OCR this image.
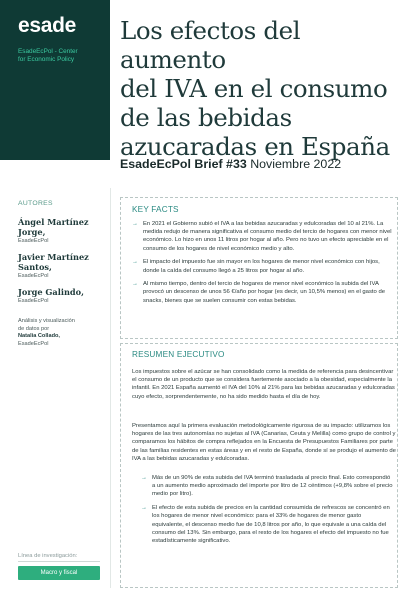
esade
EsadeEcPol - Center
for Economic Policy
Los efectos del aumento
del IVA en el consumo
de las bebidas
azucaradas en España
EsadeEcPol Brief #33 Noviembre 2022
AUTORES
Ángel Martínez
Jorge,
EsadeEcPol
Javier Martínez
Santos,
EsadeEcPol
Jorge Galindo,
EsadeEcPol
Análisis y visualización
de datos por
Natalia Collado,
EsadeEcPol
Línea de investigación:
Macro y fiscal
KEY FACTS
→ En 2021 el Gobierno subió el IVA a las bebidas azucaradas y edulcoradas del 10 al 21%. La medida redujo de manera significativa el consumo medio del tercio de hogares con menor nivel económico. Lo hizo en unos 11 litros por hogar al año. Pero no tuvo un efecto apreciable en el consumo de los hogares de nivel económico medio y alto.
→ El impacto del impuesto fue sin mayor en los hogares de menor nivel económico con hijos, donde la caída del consumo llegó a 25 litros por hogar al año.
→ Al mismo tiempo, dentro del tercio de hogares de menor nivel económico la subida del IVA provocó un descenso de unos 56 €/año por hogar (es decir, un 10,5% menos) en el gasto de snacks, bienes que se suelen consumir con estas bebidas.
RESUMEN EJECUTIVO

Los impuestos sobre el azúcar se han consolidado como la medida de referencia para desincentivar el consumo de un producto que se considera fuertemente asociado a la obesidad, especialmente la infantil. En 2021 España aumentó el IVA del 10% al 21% para las bebidas azucaradas y edulcoradas cuyo efecto, sorprendentemente, no ha sido medido hasta el día de hoy.

Presentamos aquí la primera evaluación metodológicamente rigurosa de su impacto: utilizamos los hogares de las tres autonomías no sujetas al IVA (Canarias, Ceuta y Melilla) como grupo de control y comparamos los hábitos de compra reflejados en la Encuesta de Presupuestos Familiares por parte de las familias residentes en estas áreas y en el resto de España, donde sí se produjo el aumento de IVA a las bebidas azucaradas y edulcoradas.

→ Más de un 90% de esta subida del IVA terminó trasladada al precio final. Esto correspondió a un aumento medio aproximado del importe por litro de 12 céntimos (+9,8% sobre el precio medio por litro).
→ El efecto de esta subida de precios en la cantidad consumida de refrescos se concentró en los hogares de menor nivel económico: para el 33% de hogares de menor gasto equivalente, el descenso medio fue de 10,8 litros por año, lo que equivale a una caída del consumo del 13%. Sin embargo, para el resto de los hogares el efecto del impuesto no fue estadísticamente significativo.
